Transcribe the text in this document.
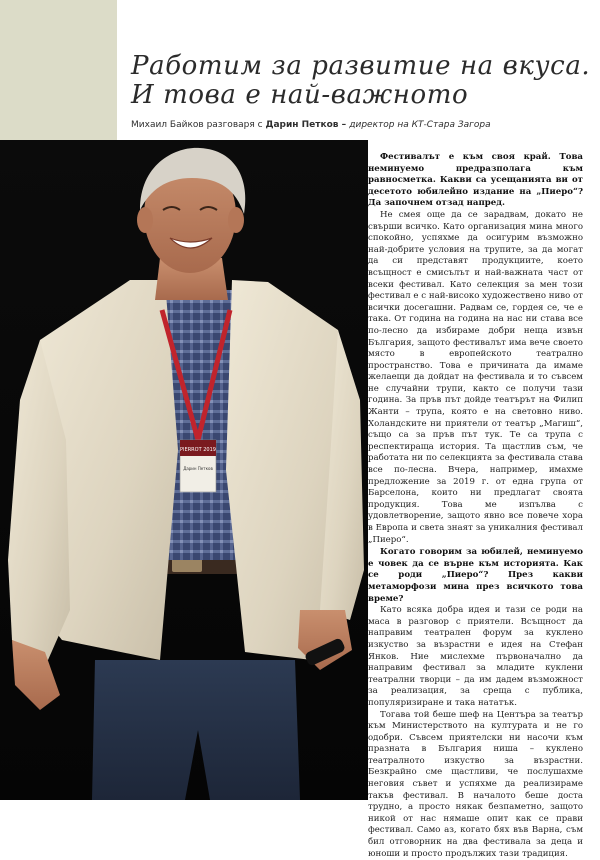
Работим за развитие на вкуса.
И това е най-важното
Михаил Байков разговаря с Дарин Петков – директор на КТ-Стара Загора
PIERROT 2019
Дарин Петков

Фестивалът е към своя край. Това неминуемо предразполага към равносметка. Какви са усещанията ви от десетото юбилейно издание на „Пиеро“? Да започнем отзад напред.

Не смея още да се зарадвам, докато не свърши всичко. Като организация мина много спокойно, успяхме да осигурим възможно най-добрите условия на трупите, за да могат да си представят продукциите, което всъщност е смисълът и най-важната част от всеки фестивал. Като селекция за мен този фестивал е с най-високо художествено ниво от всички досегашни. Радвам се, гордея се, че е така. От година на година на нас ни става все по-лесно да избираме добри неща извън България, защото фестивалът има вече своето място в европейското театрално пространство. Това е причината да имаме желаещи да дойдат на фестивала и то съвсем не случайни трупи, както се получи тази година. За пръв път дойде театърът на Филип Жанти – трупа, която е на световно ниво. Холандските ни приятели от театър „Магиш“, също са за пръв път тук. Те са трупа с респектираща история. Та щастлив съм, че работата ни по селекцията за фестивала става все по-лесна. Вчера, например, имахме предложение за 2019 г. от една група от Барселона, които ни предлагат своята продукция. Това ме изпълва с удовлетворение, защото явно все повече хора в Европа и света знаят за уникалния фестивал „Пиеро“.

Когато говорим за юбилей, неминуемо е човек да се върне към историята. Как се роди „Пиеро“? През какви метаморфози мина през всичкото това време?

Като всяка добра идея и тази се роди на маса в разговор с приятели. Всъщност да направим театрален форум за куклено изкуство за възрастни е идея на Стефан Янков. Ние мислехме първоначално да направим фестивал за младите куклени театрални творци – да им дадем възможност за реализация, за среща с публика, популяризиране и така нататък.

Тогава той беше шеф на Центъра за театър към Министерството на културата и не го одобри. Съвсем приятелски ни насочи към празната в България ниша – куклено театралното изкуство за възрастни. Безкрайно сме щастливи, че послушахме неговия съвет и успяхме да реализираме такъв фестивал. В началото беше доста трудно, а просто някак безпаметно, защото никой от нас нямаше опит как се прави фестивал. Само аз, когато бях във Варна, съм бил отговорник на два фестивала за деца и юноши и просто продължих тази традиция.
